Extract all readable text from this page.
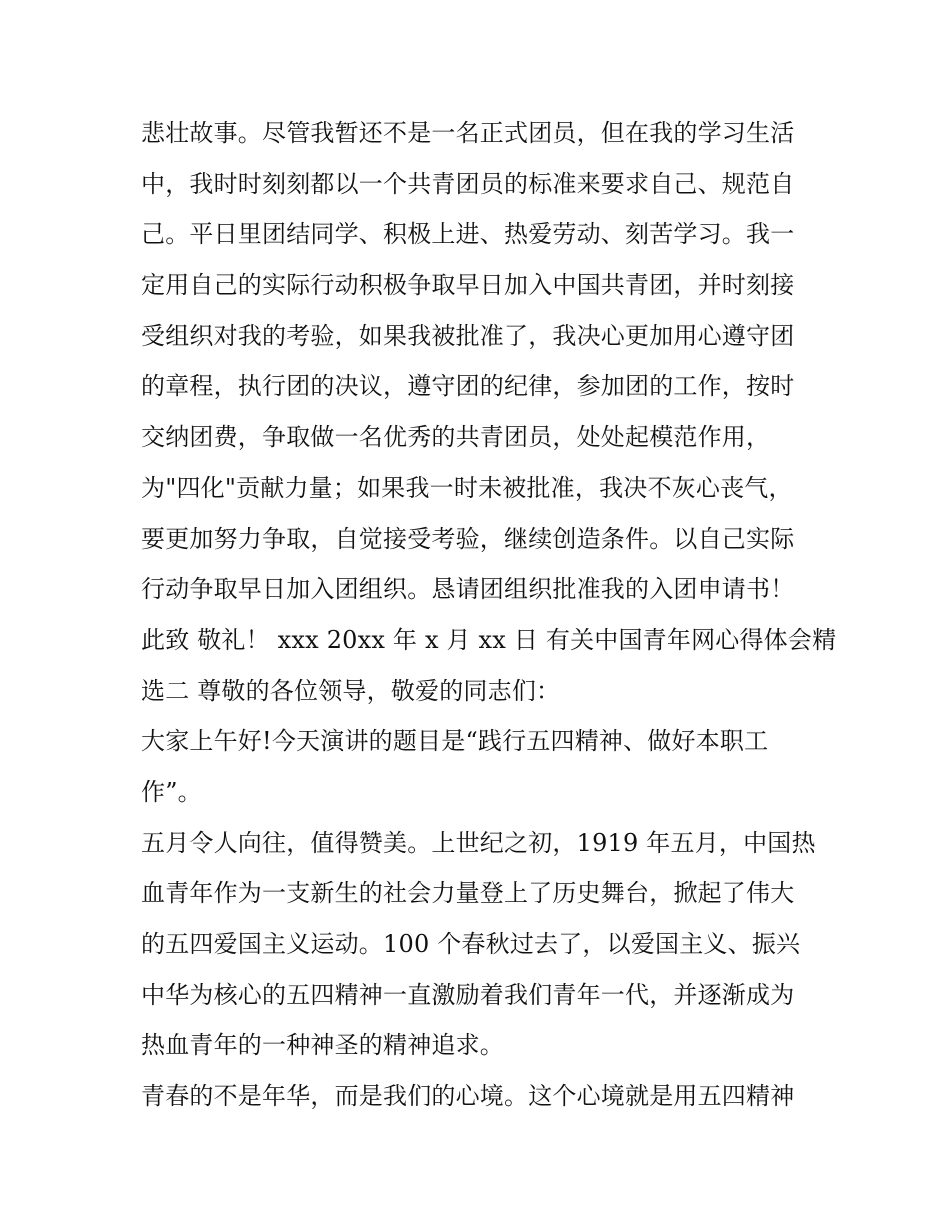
悲壮故事。尽管我暂还不是一名正式团员，但在我的学习生活
中，我时时刻刻都以一个共青团员的标准来要求自己、规范自
己。平日里团结同学、积极上进、热爱劳动、刻苦学习。我一
定用自己的实际行动积极争取早日加入中国共青团，并时刻接
受组织对我的考验，如果我被批准了，我决心更加用心遵守团
的章程，执行团的决议，遵守团的纪律，参加团的工作，按时
交纳团费，争取做一名优秀的共青团员，处处起模范作用，
为"四化"贡献力量；如果我一时未被批准，我决不灰心丧气，
要更加努力争取，自觉接受考验，继续创造条件。以自己实际
行动争取早日加入团组织。恳请团组织批准我的入团申请书！
此致 敬礼！ xxx 20xx 年 x 月 xx 日 有关中国青年网心得体会精
选二 尊敬的各位领导，敬爱的同志们：
大家上午好!今天演讲的题目是“践行五四精神、做好本职工
作”。
五月令人向往，值得赞美。上世纪之初，1919 年五月，中国热
血青年作为一支新生的社会力量登上了历史舞台，掀起了伟大
的五四爱国主义运动。100 个春秋过去了，以爱国主义、振兴
中华为核心的五四精神一直激励着我们青年一代，并逐渐成为
热血青年的一种神圣的精神追求。
青春的不是年华，而是我们的心境。这个心境就是用五四精神
